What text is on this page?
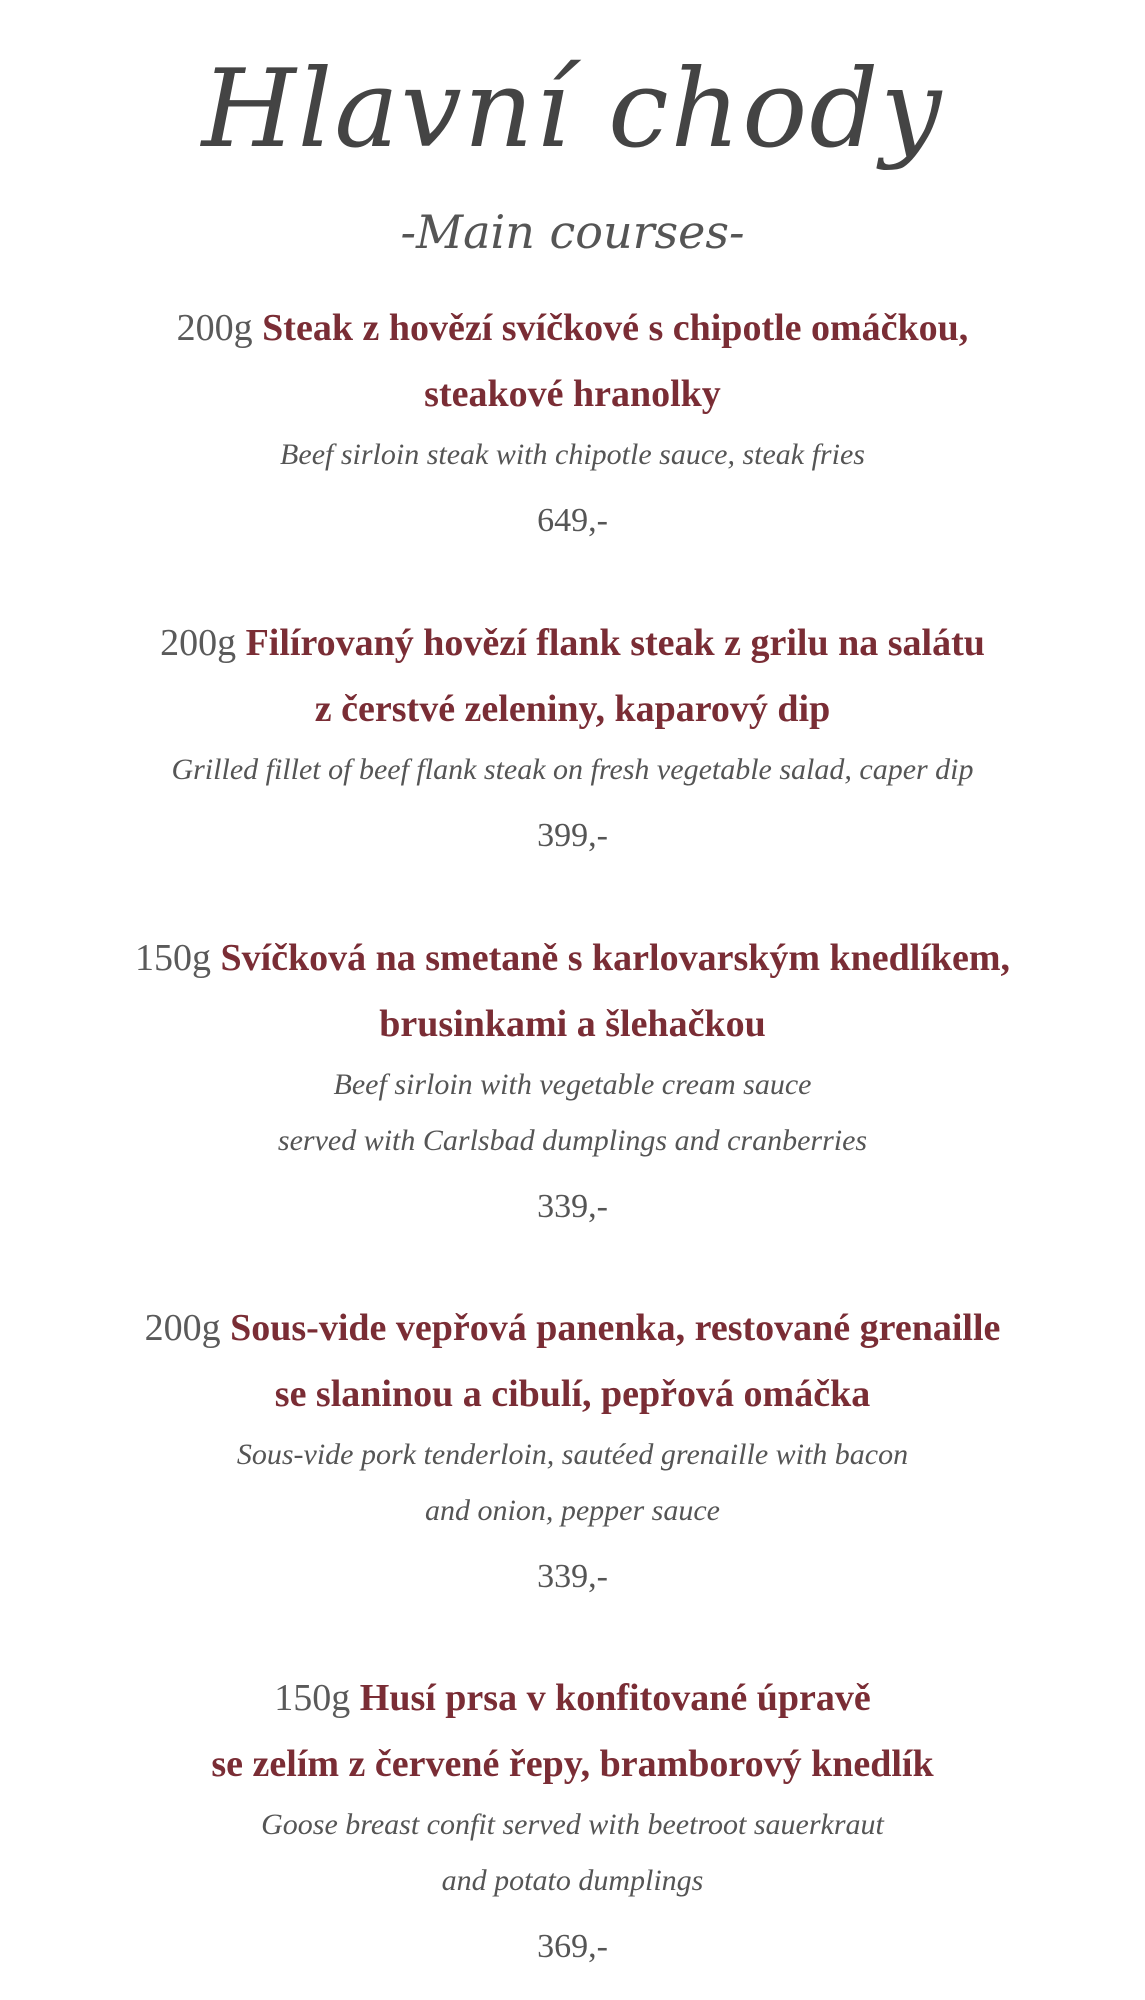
Hlavní chody
-Main courses-
200g Steak z hovězí svíčkové s chipotle omáčkou,
steakové hranolky
Beef sirloin steak with chipotle sauce, steak fries
649,-
200g Filírovaný hovězí flank steak z grilu na salátu
z čerstvé zeleniny, kaparový dip
Grilled fillet of beef flank steak on fresh vegetable salad, caper dip
399,-
150g Svíčková na smetaně s karlovarským knedlíkem,
brusinkami a šlehačkou
Beef sirloin with vegetable cream sauce
served with Carlsbad dumplings and cranberries
339,-
200g Sous-vide vepřová panenka, restované grenaille
se slaninou a cibulí, pepřová omáčka
Sous-vide pork tenderloin, sautéed grenaille with bacon
and onion, pepper sauce
339,-
150g Husí prsa v konfitované úpravě
se zelím z červené řepy, bramborový knedlík
Goose breast confit served with beetroot sauerkraut
and potato dumplings
369,-
